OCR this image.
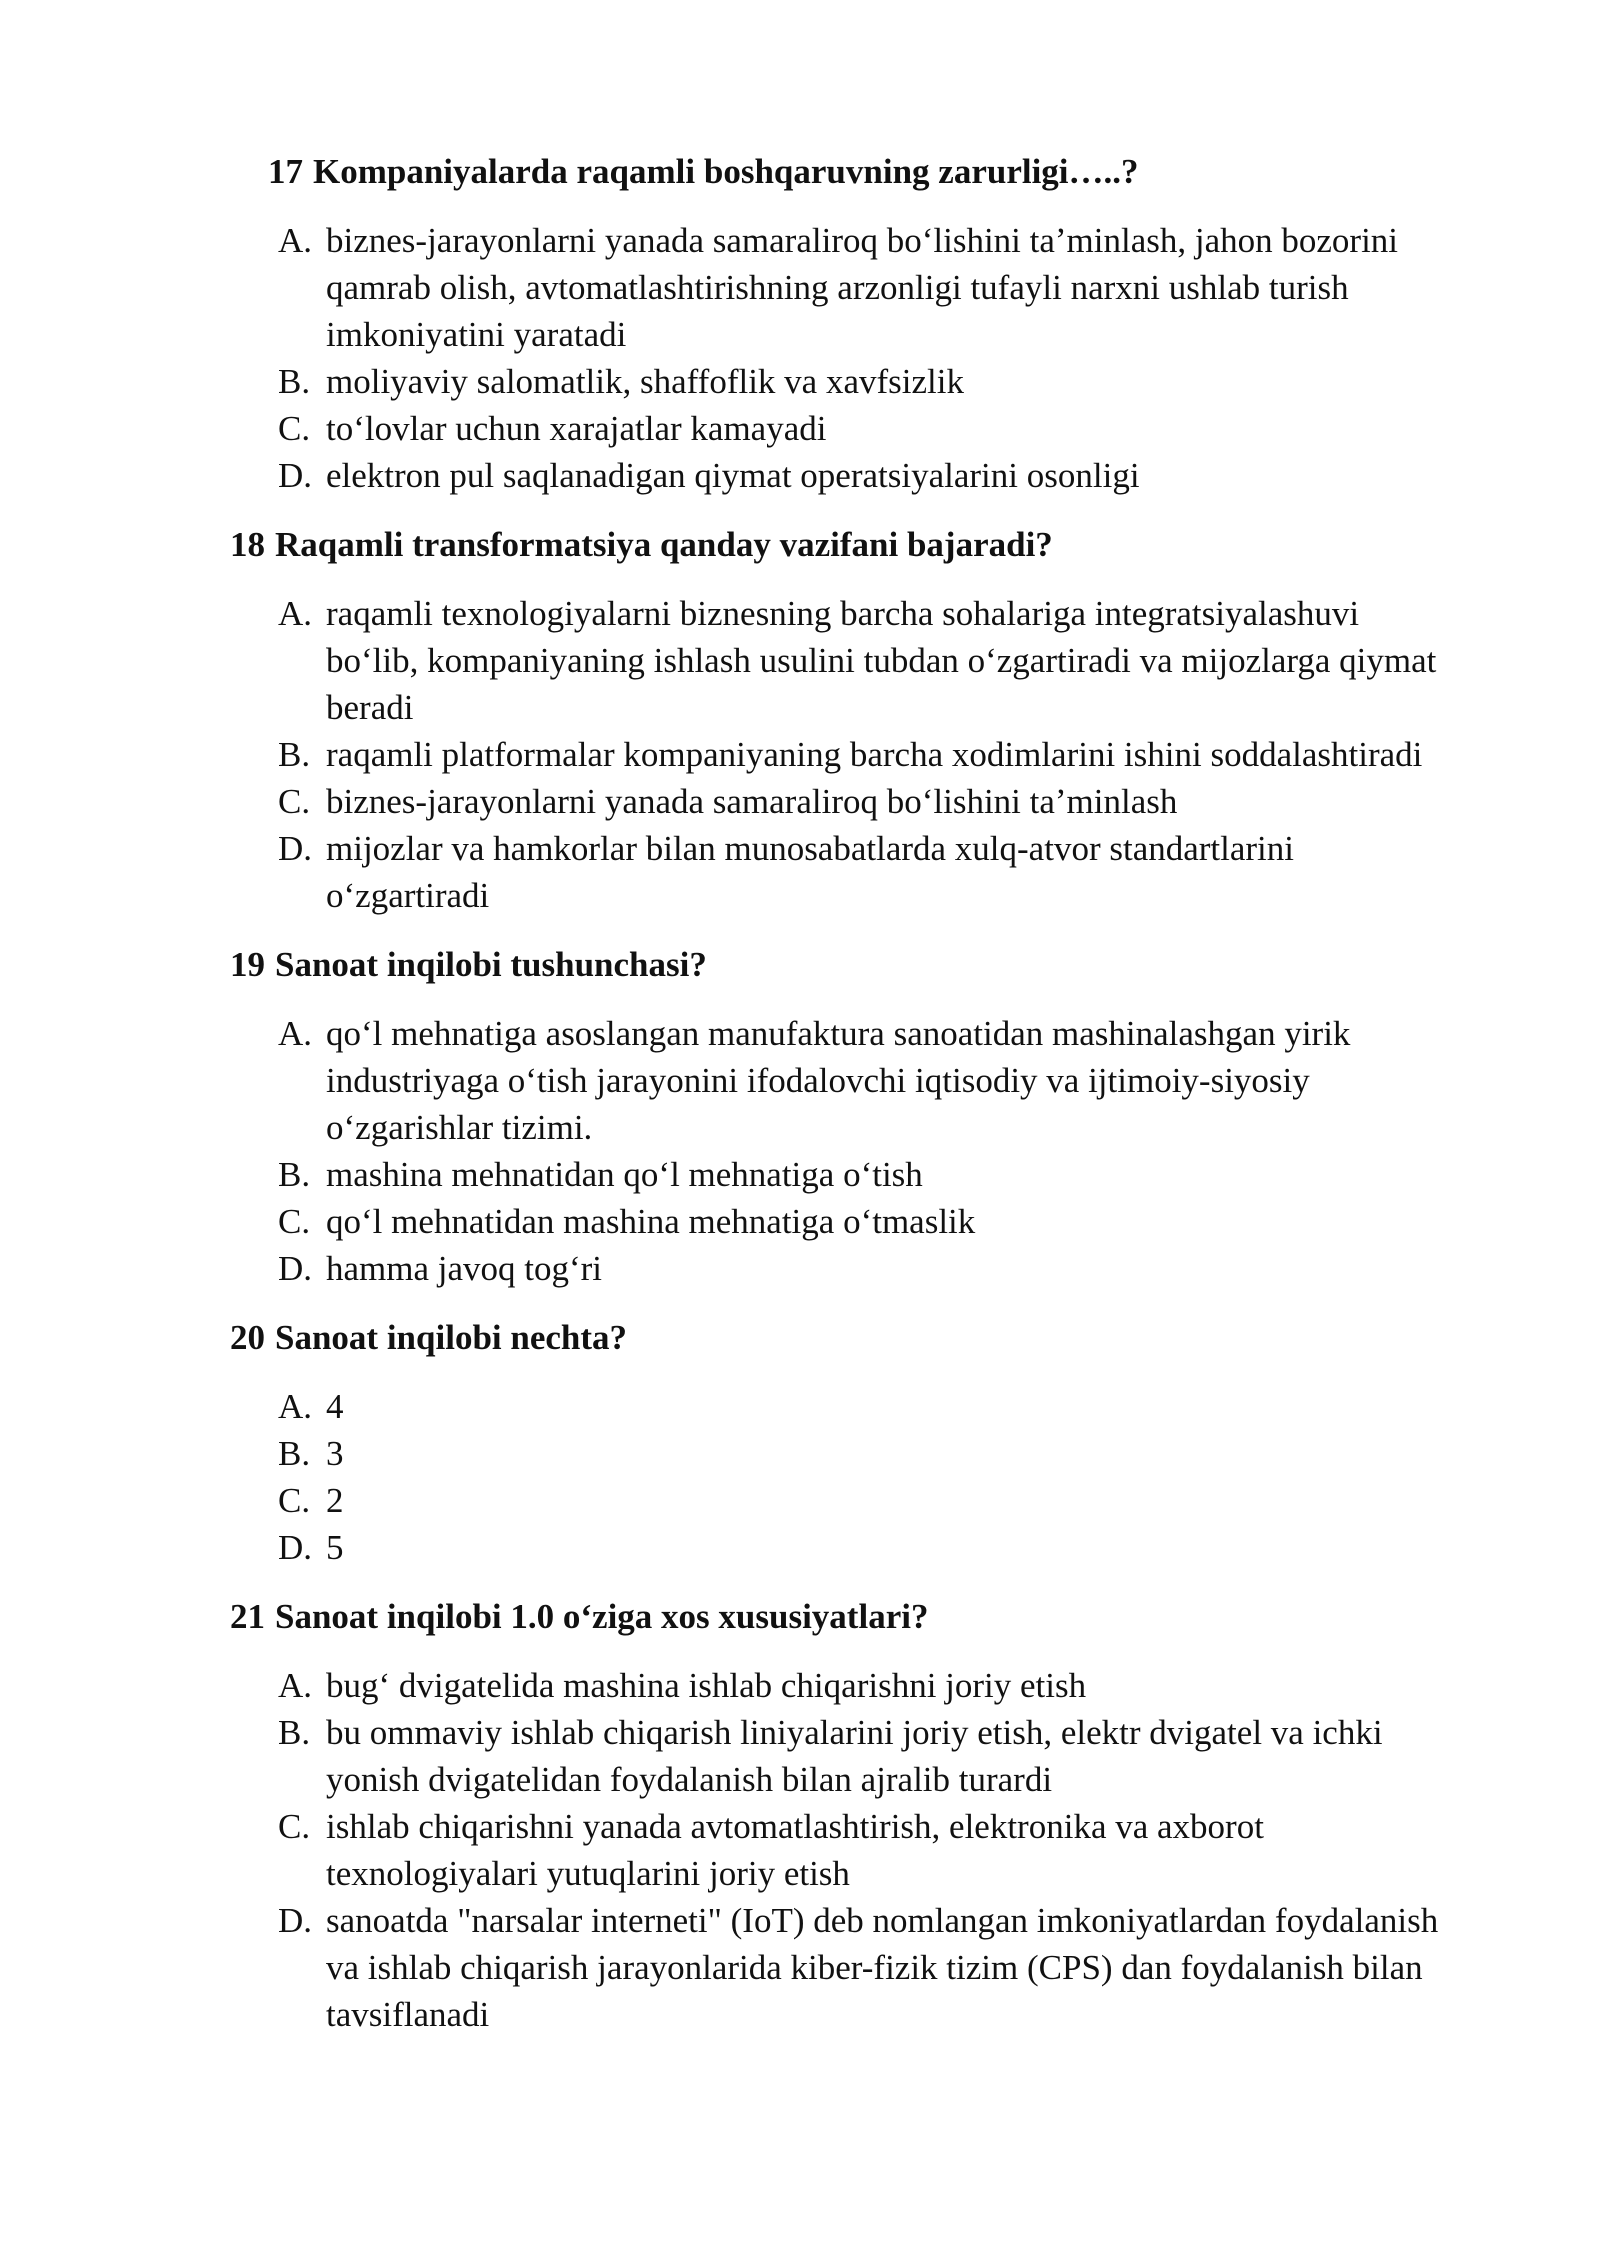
17 Kompaniyalarda raqamli boshqaruvning zarurligi…..?

A. biznes-jarayonlarni yanada samaraliroq boʻlishini taʼminlash, jahon bozorini qamrab olish, avtomatlashtirishning arzonligi tufayli narxni ushlab turish imkoniyatini yaratadi
B. moliyaviy salomatlik, shaffoflik va xavfsizlik
C. toʻlovlar uchun xarajatlar kamayadi
D. elektron pul saqlanadigan qiymat operatsiyalarini osonligi

18 Raqamli transformatsiya qanday vazifani bajaradi?

A. raqamli texnologiyalarni biznesning barcha sohalariga integratsiyalashuvi boʻlib, kompaniyaning ishlash usulini tubdan oʻzgartiradi va mijozlarga qiymat beradi
B. raqamli platformalar kompaniyaning barcha xodimlarini ishini soddalashtiradi
C. biznes-jarayonlarni yanada samaraliroq boʻlishini taʼminlash
D. mijozlar va hamkorlar bilan munosabatlarda xulq-atvor standartlarini oʻzgartiradi

19 Sanoat inqilobi tushunchasi?

A. qoʻl mehnatiga asoslangan manufaktura sanoatidan mashinalashgan yirik industriyaga oʻtish jarayonini ifodalovchi iqtisodiy va ijtimoiy-siyosiy oʻzgarishlar tizimi.
B. mashina mehnatidan qoʻl mehnatiga oʻtish
C. qoʻl mehnatidan mashina mehnatiga oʻtmaslik
D. hamma javoq togʻri

20 Sanoat inqilobi nechta?

A. 4
B. 3
C. 2
D. 5

21 Sanoat inqilobi 1.0 oʻziga xos xususiyatlari?

A. bugʻ dvigatelida mashina ishlab chiqarishni joriy etish
B. bu ommaviy ishlab chiqarish liniyalarini joriy etish, elektr dvigatel va ichki yonish dvigatelidan foydalanish bilan ajralib turardi
C. ishlab chiqarishni yanada avtomatlashtirish, elektronika va axborot texnologiyalari yutuqlarini joriy etish
D. sanoatda "narsalar interneti" (IoT) deb nomlangan imkoniyatlardan foydalanish va ishlab chiqarish jarayonlarida kiber-fizik tizim (CPS) dan foydalanish bilan tavsiflanadi
